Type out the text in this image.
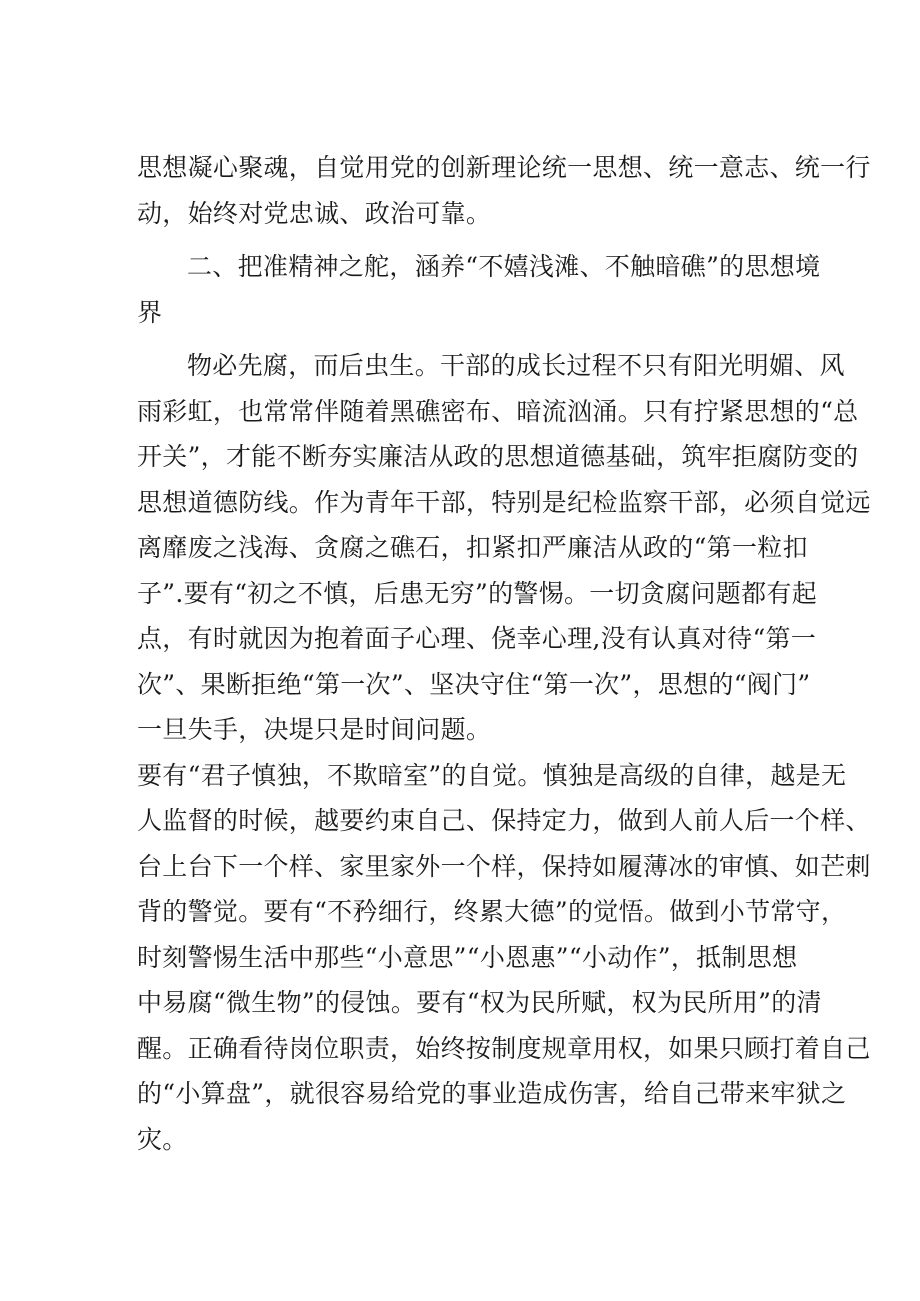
思想凝心聚魂，自觉用党的创新理论统一思想、统一意志、统一行
动，始终对党忠诚、政治可靠。
二、把准精神之舵，涵养“不嬉浅滩、不触暗礁”的思想境
界
物必先腐，而后虫生。干部的成长过程不只有阳光明媚、风
雨彩虹，也常常伴随着黑礁密布、暗流汹涌。只有拧紧思想的“总
开关”，才能不断夯实廉洁从政的思想道德基础，筑牢拒腐防变的
思想道德防线。作为青年干部，特别是纪检监察干部，必须自觉远
离靡废之浅海、贪腐之礁石，扣紧扣严廉洁从政的“第一粒扣
子”.要有“初之不慎，后患无穷”的警惕。一切贪腐问题都有起
点，有时就因为抱着面子心理、侥幸心理,没有认真对待“第一
次”、果断拒绝“第一次”、坚决守住“第一次”，思想的“阀门”
一旦失手，决堤只是时间问题。
要有“君子慎独，不欺暗室”的自觉。慎独是高级的自律，越是无
人监督的时候，越要约束自己、保持定力，做到人前人后一个样、
台上台下一个样、家里家外一个样，保持如履薄冰的审慎、如芒刺
背的警觉。要有“不矜细行，终累大德”的觉悟。做到小节常守，
时刻警惕生活中那些“小意思”“小恩惠”“小动作”，抵制思想
中易腐“微生物”的侵蚀。要有“权为民所赋，权为民所用”的清
醒。正确看待岗位职责，始终按制度规章用权，如果只顾打着自己
的“小算盘”，就很容易给党的事业造成伤害，给自己带来牢狱之
灾。
